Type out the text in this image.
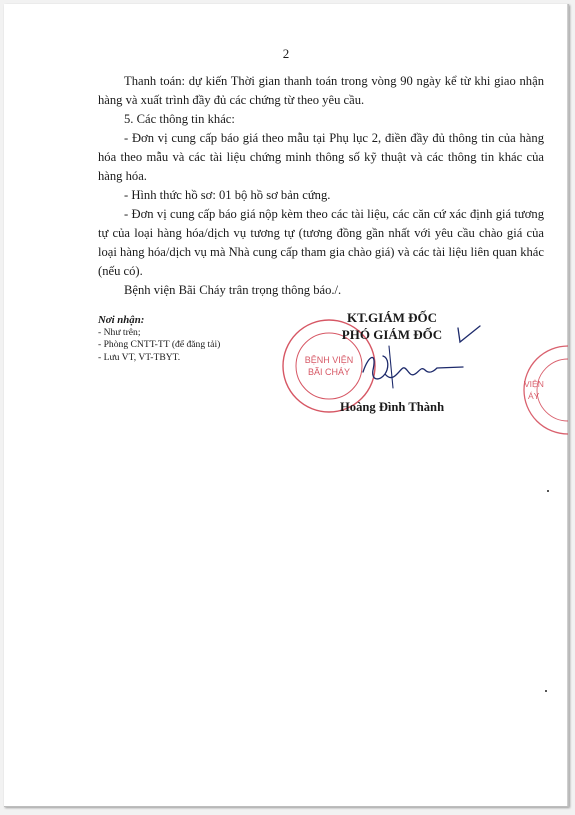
2

Thanh toán: dự kiến Thời gian thanh toán trong vòng 90 ngày kể từ khi giao nhận hàng và xuất trình đầy đủ các chứng từ theo yêu cầu.

5. Các thông tin khác:

- Đơn vị cung cấp báo giá theo mẫu tại Phụ lục 2, điền đầy đủ thông tin của hàng hóa theo mẫu và các tài liệu chứng minh thông số kỹ thuật và các thông tin khác của hàng hóa.

- Hình thức hồ sơ: 01 bộ hồ sơ bản cứng.

- Đơn vị cung cấp báo giá nộp kèm theo các tài liệu, các căn cứ xác định giá tương tự của loại hàng hóa/dịch vụ tương tự (tương đồng gần nhất với yêu cầu chào giá của loại hàng hóa/dịch vụ mà Nhà cung cấp tham gia chào giá) và các tài liệu liên quan khác (nếu có).

Bệnh viện Bãi Cháy trân trọng thông báo./.

Nơi nhận:
- Như trên;
- Phòng CNTT-TT (để đăng tải)
- Lưu VT, VT-TBYT.	BỆNH VIỆN
BÃI CHÁY
VIỆN
ÁY
KT.GIÁM ĐỐC
PHÓ GIÁM ĐỐC
Hoàng Đình Thành
